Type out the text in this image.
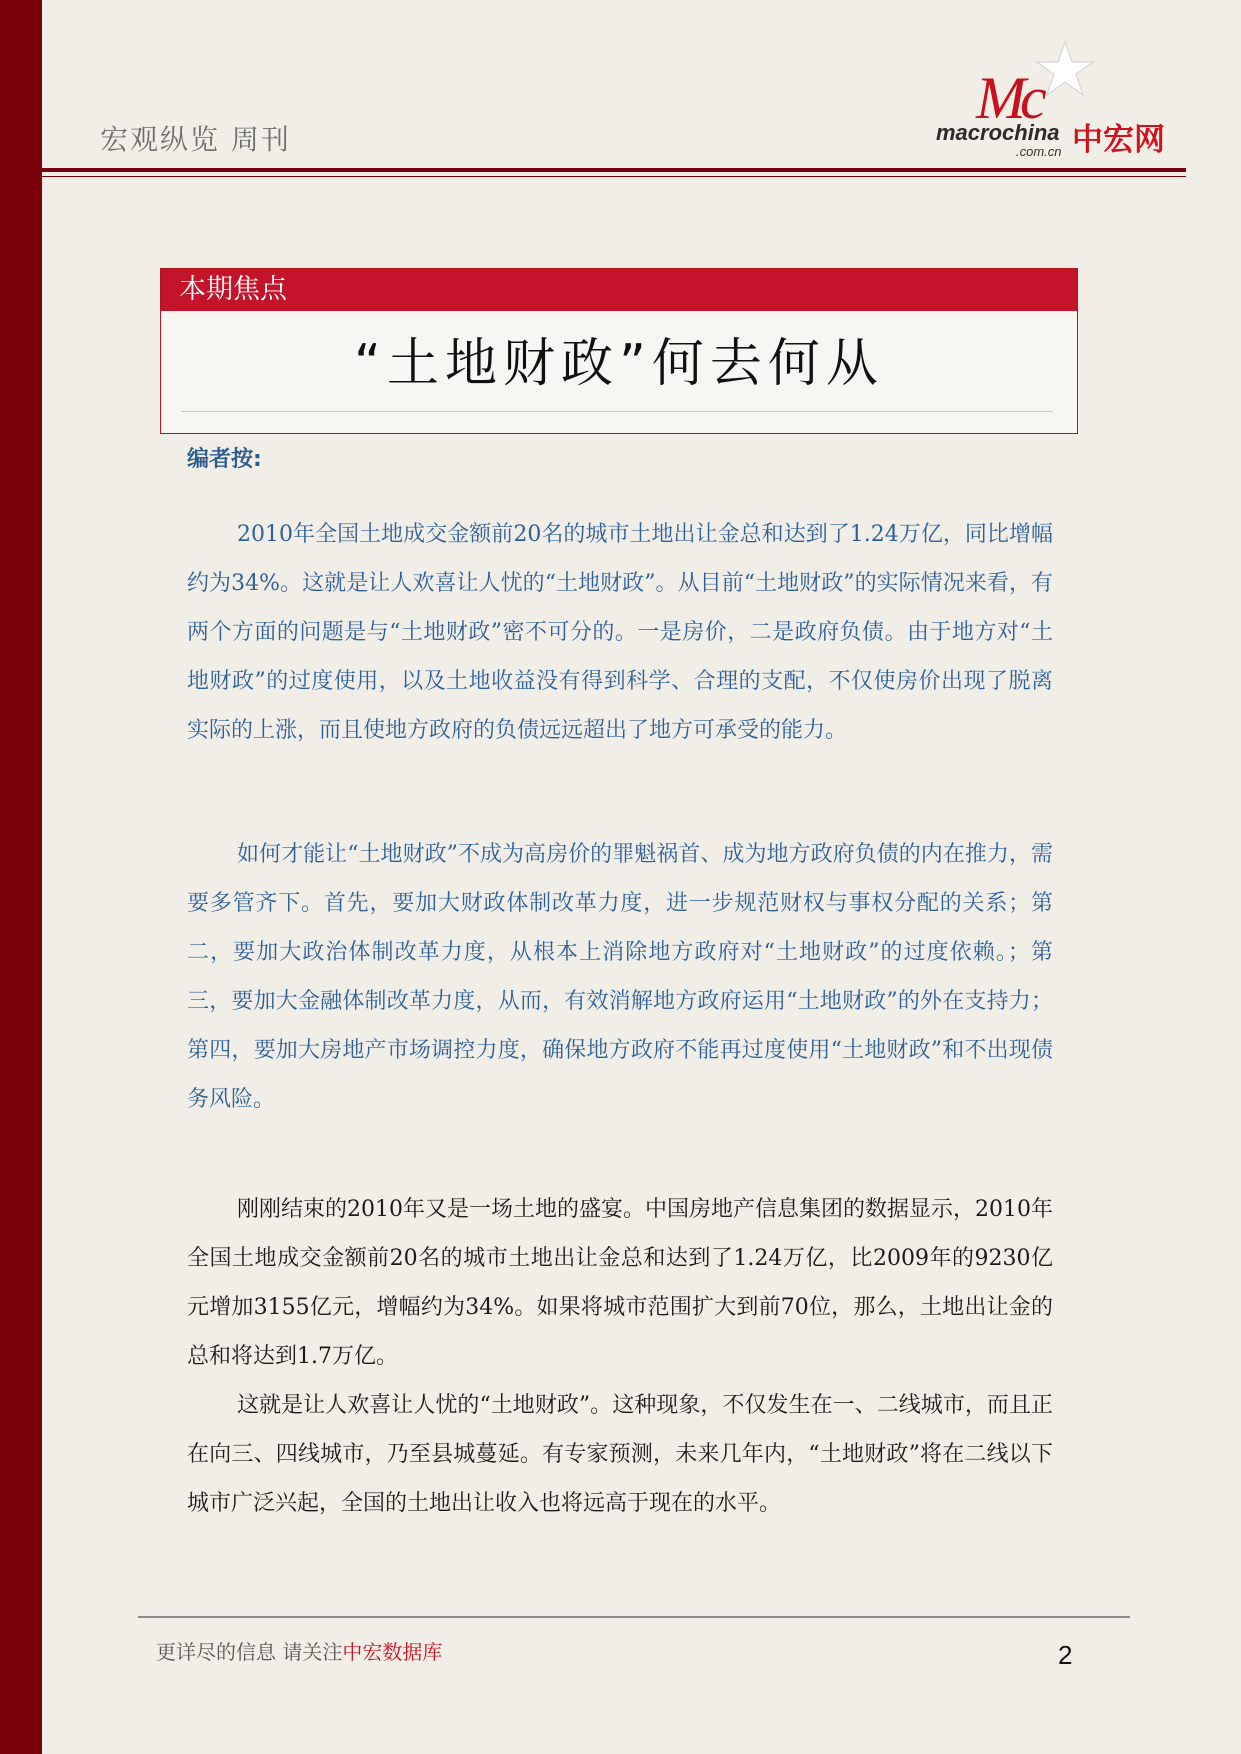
宏观纵览 周刊
Mc
macrochina 中宏网
.com.cn
本期焦点
“土地财政”何去何从
编者按:

2010年全国土地成交金额前20名的城市土地出让金总和达到了1.24万亿，同比增幅约为34%。这就是让人欢喜让人忧的“土地财政”。从目前“土地财政”的实际情况来看，有两个方面的问题是与“土地财政”密不可分的。一是房价，二是政府负债。由于地方对“土地财政”的过度使用，以及土地收益没有得到科学、合理的支配，不仅使房价出现了脱离实际的上涨，而且使地方政府的负债远远超出了地方可承受的能力。

如何才能让“土地财政”不成为高房价的罪魁祸首、成为地方政府负债的内在推力，需要多管齐下。首先，要加大财政体制改革力度，进一步规范财权与事权分配的关系；第二，要加大政治体制改革力度，从根本上消除地方政府对“土地财政”的过度依赖。；第三，要加大金融体制改革力度，从而，有效消解地方政府运用“土地财政”的外在支持力；第四，要加大房地产市场调控力度，确保地方政府不能再过度使用“土地财政”和不出现债务风险。

刚刚结束的2010年又是一场土地的盛宴。中国房地产信息集团的数据显示，2010年全国土地成交金额前20名的城市土地出让金总和达到了1.24万亿，比2009年的9230亿元增加3155亿元，增幅约为34%。如果将城市范围扩大到前70位，那么，土地出让金的总和将达到1.7万亿。

这就是让人欢喜让人忧的“土地财政”。这种现象，不仅发生在一、二线城市，而且正在向三、四线城市，乃至县城蔓延。有专家预测，未来几年内，“土地财政”将在二线以下城市广泛兴起，全国的土地出让收入也将远高于现在的水平。

更详尽的信息 请关注中宏数据库	2
